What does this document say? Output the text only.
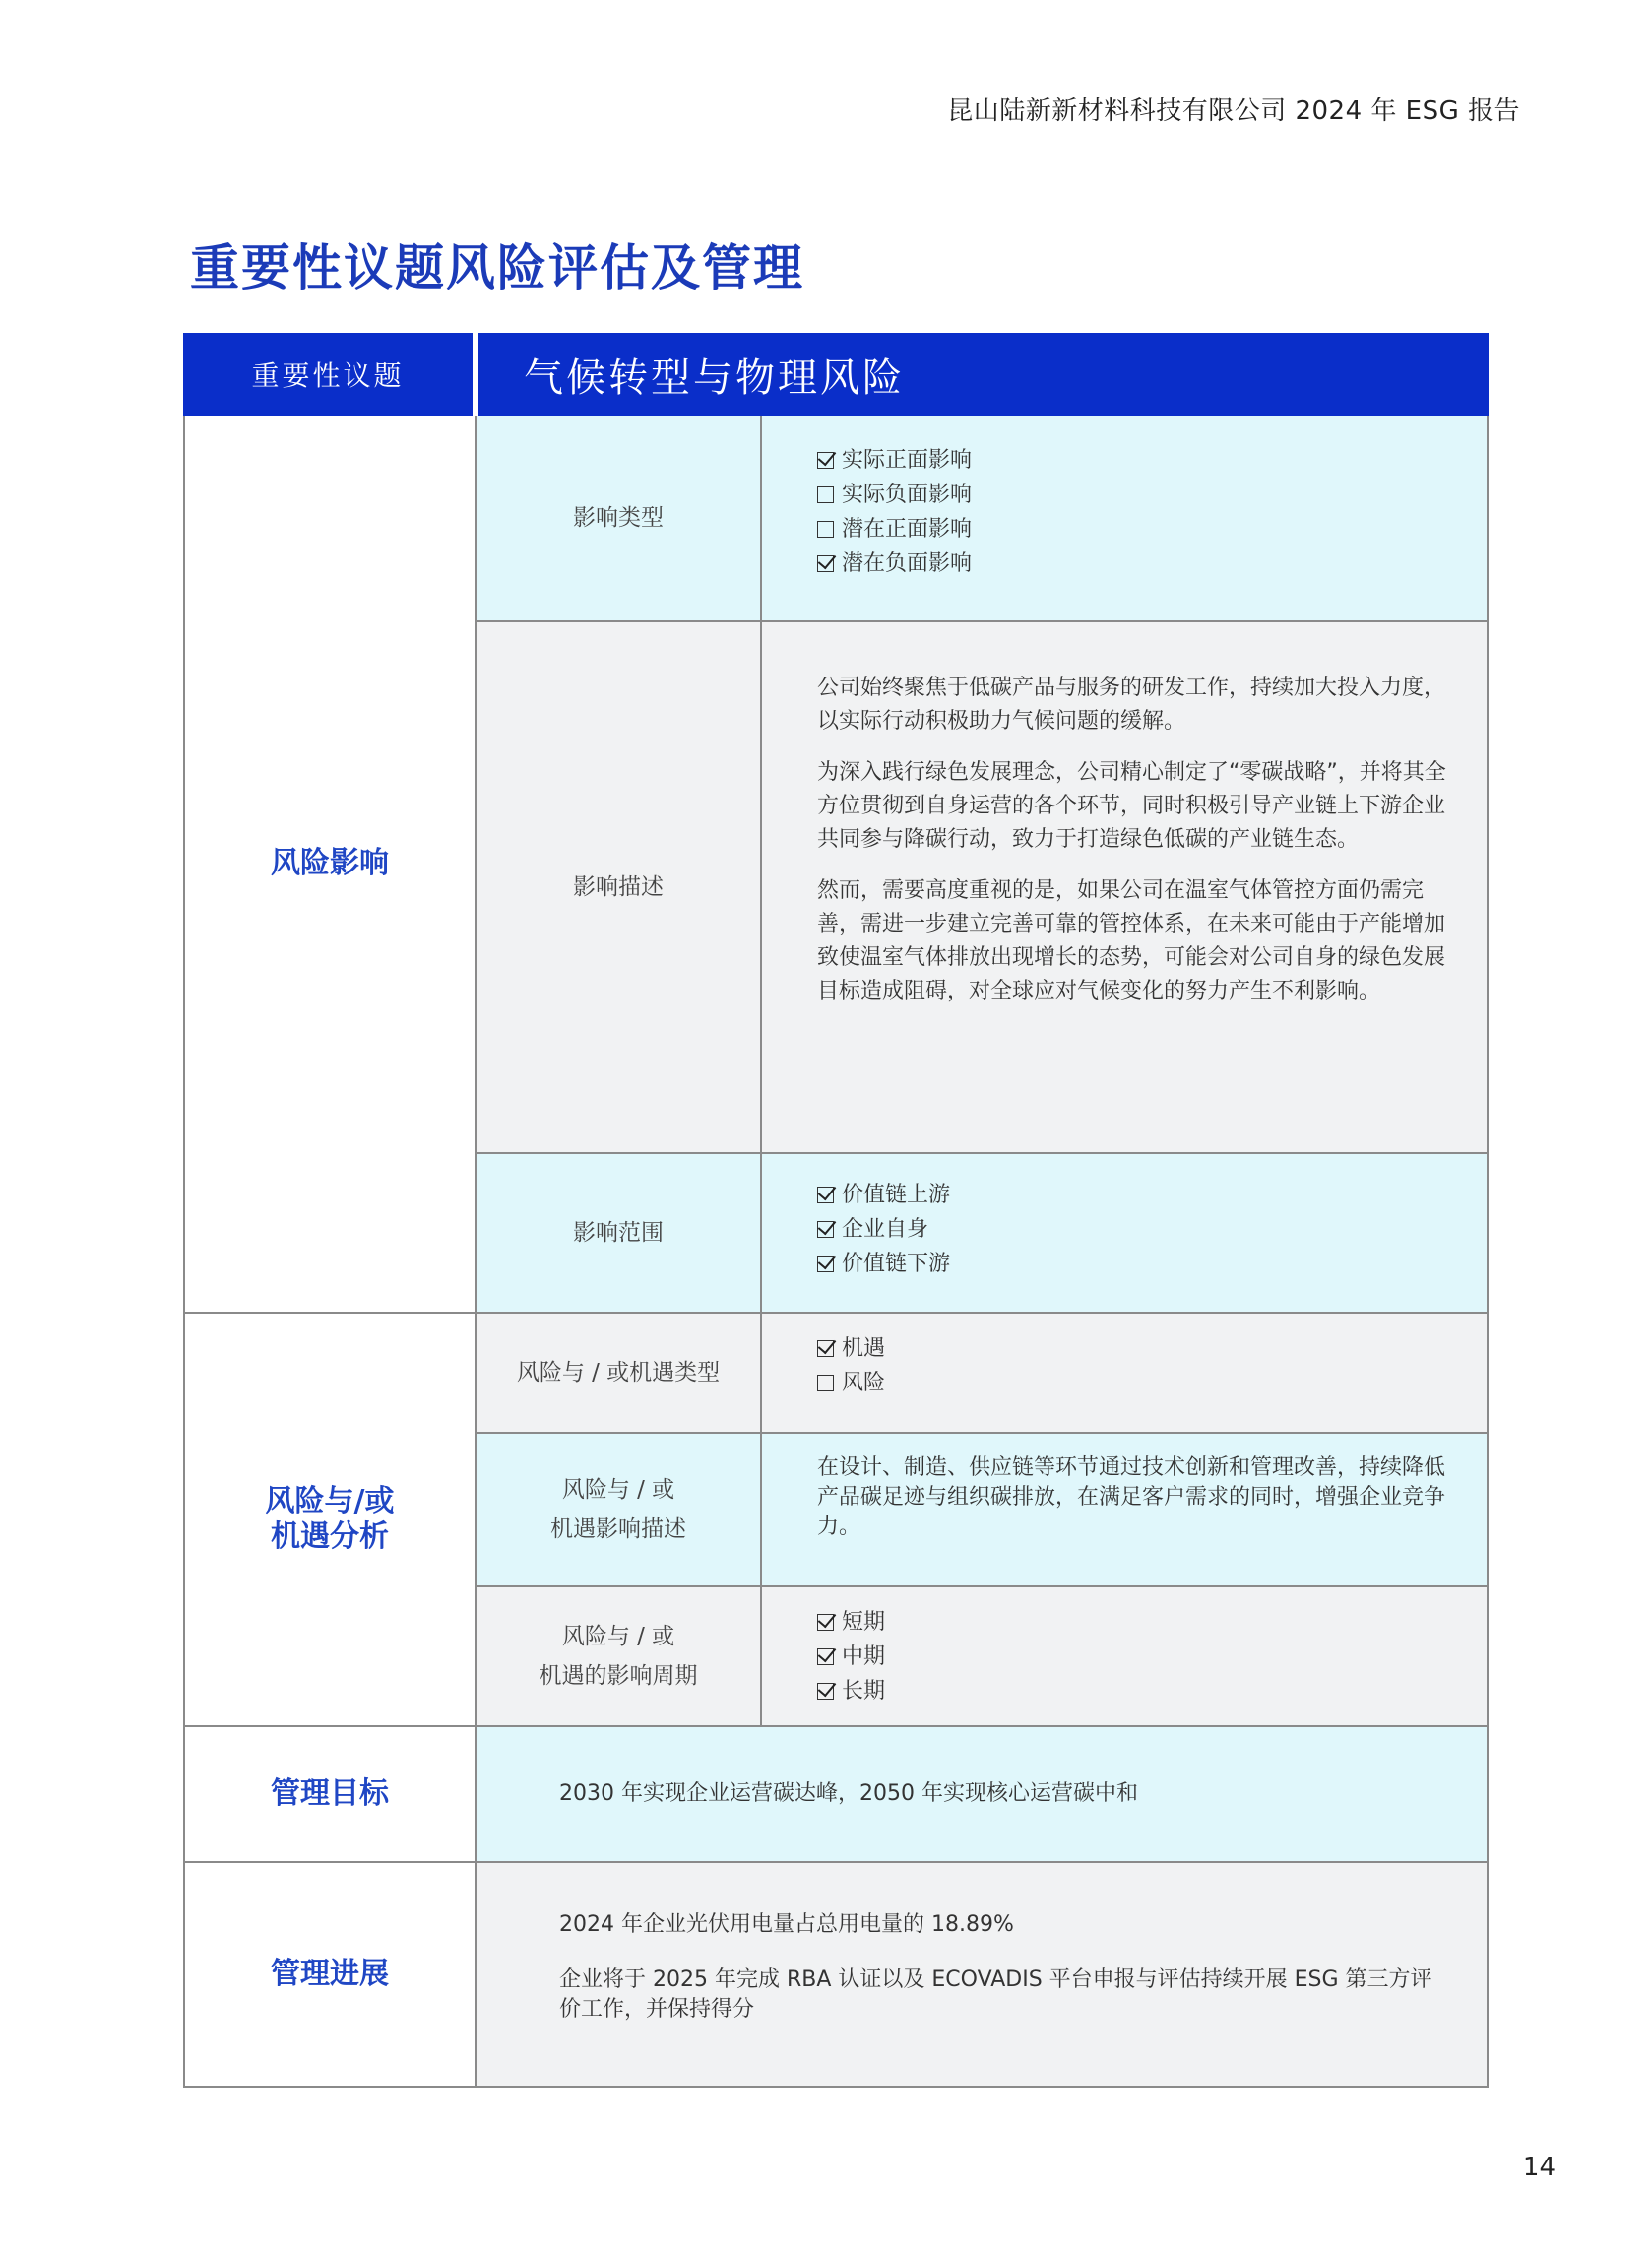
昆山陆新新材料科技有限公司 2024 年 ESG 报告
重要性议题风险评估及管理
重要性议题	气候转型与物理风险
风险影响
影响类型
实际正面影响
实际负面影响
潜在正面影响
潜在负面影响
影响描述

公司始终聚焦于低碳产品与服务的研发工作，持续加大投入力度，以实际行动积极助力气候问题的缓解。

为深入践行绿色发展理念，公司精心制定了“零碳战略”，并将其全方位贯彻到自身运营的各个环节，同时积极引导产业链上下游企业共同参与降碳行动，致力于打造绿色低碳的产业链生态。

然而，需要高度重视的是，如果公司在温室气体管控方面仍需完善，需进一步建立完善可靠的管控体系，在未来可能由于产能增加致使温室气体排放出现增长的态势，可能会对公司自身的绿色发展目标造成阻碍，对全球应对气候变化的努力产生不利影响。

影响范围
价值链上游
企业自身
价值链下游
风险与/或
机遇分析
风险与 / 或机遇类型
机遇
风险
风险与 / 或
机遇影响描述
在设计、制造、供应链等环节通过技术创新和管理改善，持续降低产品碳足迹与组织碳排放，在满足客户需求的同时，增强企业竞争力。
风险与 / 或
机遇的影响周期
短期
中期
长期
管理目标	2030 年实现企业运营碳达峰，2050 年实现核心运营碳中和
管理进展

2024 年企业光伏用电量占总用电量的 18.89%

企业将于 2025 年完成 RBA 认证以及 ECOVADIS 平台申报与评估持续开展 ESG 第三方评价工作，并保持得分

14
